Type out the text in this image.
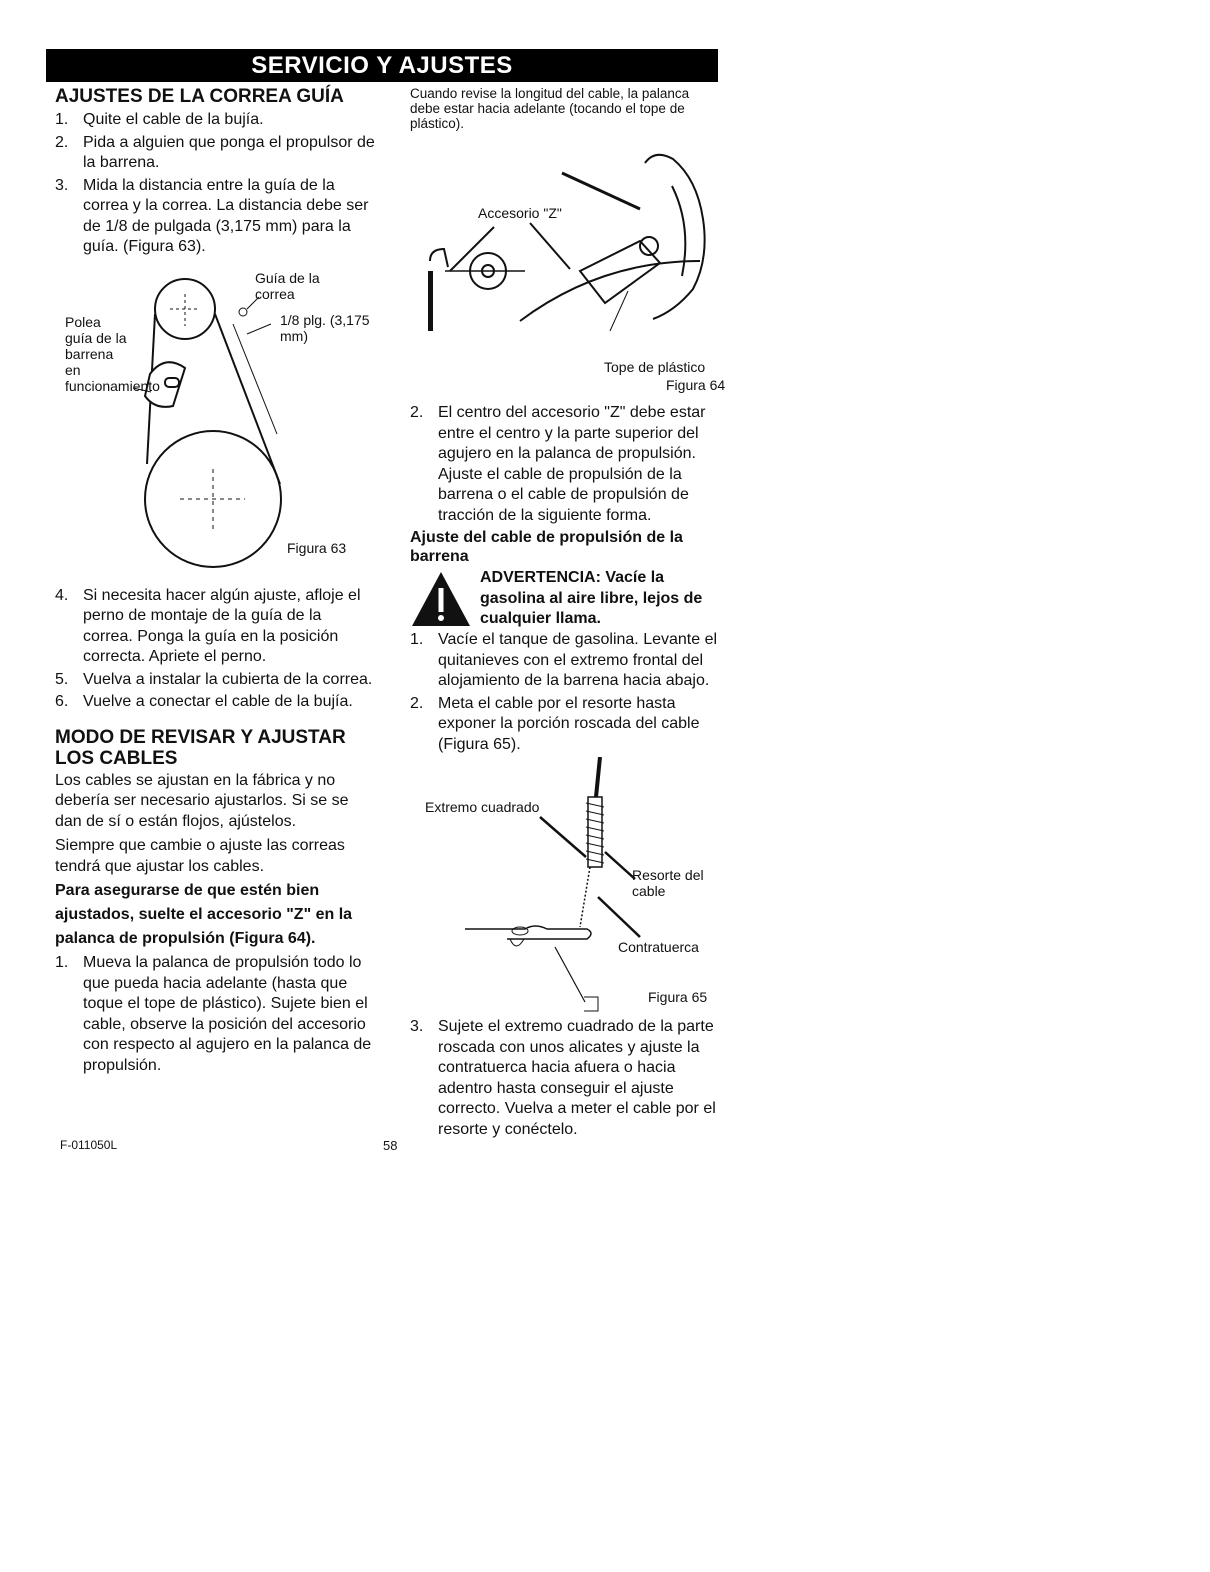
SERVICIO Y AJUSTES
AJUSTES DE LA CORREA GUÍA
1. Quite el cable de la bujía.
2. Pida a alguien que ponga el propulsor de la barrena.
3. Mida la distancia entre la guía de la correa y la correa. La distancia debe ser de 1/8 de pulgada (3,175 mm) para la guía. (Figura 63).
Guía de la correa
1/8 plg. (3,175 mm)
Polea guía de la barrena en funcionamiento
Figura 63
4. Si necesita hacer algún ajuste, afloje el perno de montaje de la guía de la correa. Ponga la guía en la posición correcta. Apriete el perno.
5. Vuelva a instalar la cubierta de la correa.
6. Vuelve a conectar el cable de la bujía.
MODO DE REVISAR Y AJUSTAR LOS CABLES

Los cables se ajustan en la fábrica y no debería ser necesario ajustarlos. Si se se dan de sí o están flojos, ajústelos.

Siempre que cambie o ajuste las correas tendrá que ajustar los cables.

Para asegurarse de que estén bien ajustados, suelte el accesorio "Z" en la palanca de propulsión (Figura 64).

1. Mueva la palanca de propulsión todo lo que pueda hacia adelante (hasta que toque el tope de plástico). Sujete bien el cable, observe la posición del accesorio con respecto al agujero en la palanca de propulsión.

Cuando revise la longitud del cable, la palanca debe estar hacia adelante (tocando el tope de plástico).

Accesorio "Z"
Tope de plástico
Figura 64
2. El centro del accesorio "Z" debe estar entre el centro y la parte superior del agujero en la palanca de propulsión. Ajuste el cable de propulsión de la barrena o el cable de propulsión de tracción de la siguiente forma.

Ajuste del cable de propulsión de la barrena

ADVERTENCIA: Vacíe la gasolina al aire libre, lejos de cualquier llama.

1. Vacíe el tanque de gasolina. Levante el quitanieves con el extremo frontal del alojamiento de la barrena hacia abajo.
2. Meta el cable por el resorte hasta exponer la porción roscada del cable (Figura 65).
Extremo cuadrado
Resorte del cable
Contratuerca
Figura 65
3. Sujete el extremo cuadrado de la parte roscada con unos alicates y ajuste la contratuerca hacia afuera o hacia adentro hasta conseguir el ajuste correcto. Vuelva a meter el cable por el resorte y conéctelo.
F-011050L	58
